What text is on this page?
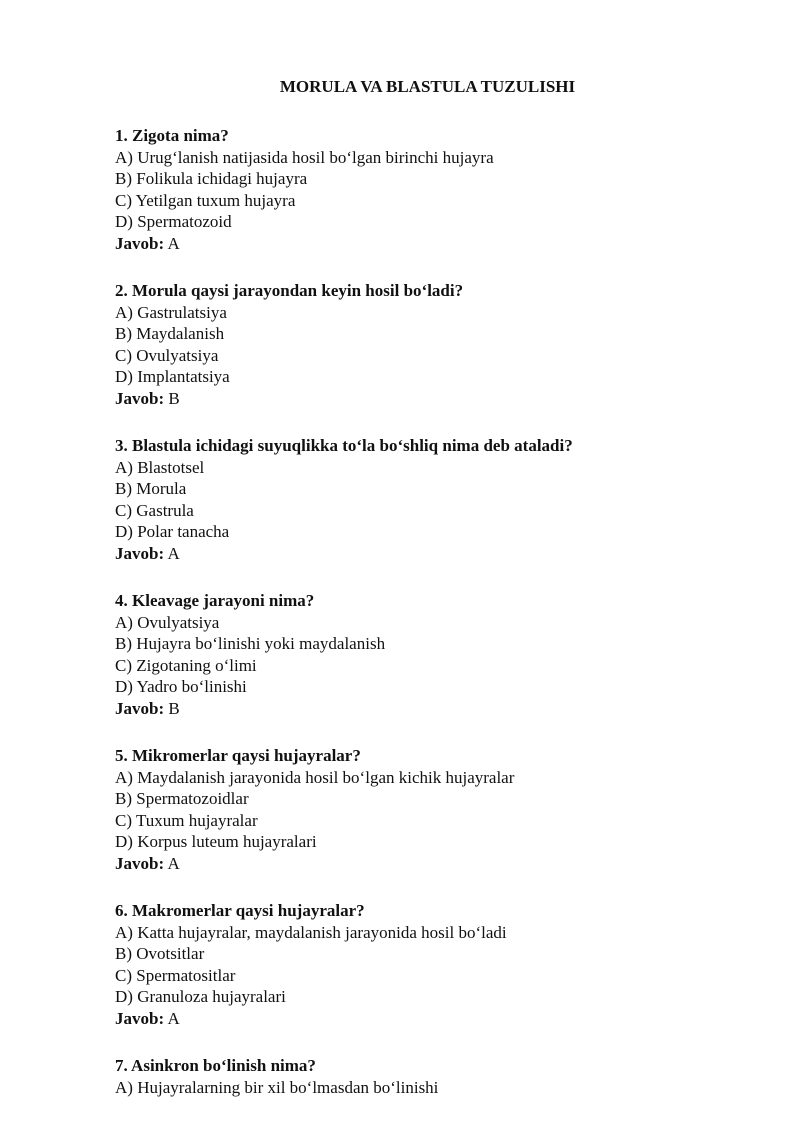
MORULA VA BLASTULA TUZULISHI
1. Zigota nima?
A) Urug‘lanish natijasida hosil bo‘lgan birinchi hujayra
B) Folikula ichidagi hujayra
C) Yetilgan tuxum hujayra
D) Spermatozoid
Javob: A
2. Morula qaysi jarayondan keyin hosil bo‘ladi?
A) Gastrulatsiya
B) Maydalanish
C) Ovulyatsiya
D) Implantatsiya
Javob: B
3. Blastula ichidagi suyuqlikka to‘la bo‘shliq nima deb ataladi?
A) Blastotsel
B) Morula
C) Gastrula
D) Polar tanacha
Javob: A
4. Kleavage jarayoni nima?
A) Ovulyatsiya
B) Hujayra bo‘linishi yoki maydalanish
C) Zigotaning o‘limi
D) Yadro bo‘linishi
Javob: B
5. Mikromerlar qaysi hujayralar?
A) Maydalanish jarayonida hosil bo‘lgan kichik hujayralar
B) Spermatozoidlar
C) Tuxum hujayralar
D) Korpus luteum hujayralari
Javob: A
6. Makromerlar qaysi hujayralar?
A) Katta hujayralar, maydalanish jarayonida hosil bo‘ladi
B) Ovotsitlar
C) Spermatositlar
D) Granuloza hujayralari
Javob: A
7. Asinkron bo‘linish nima?
A) Hujayralarning bir xil bo‘lmasdan bo‘linishi
